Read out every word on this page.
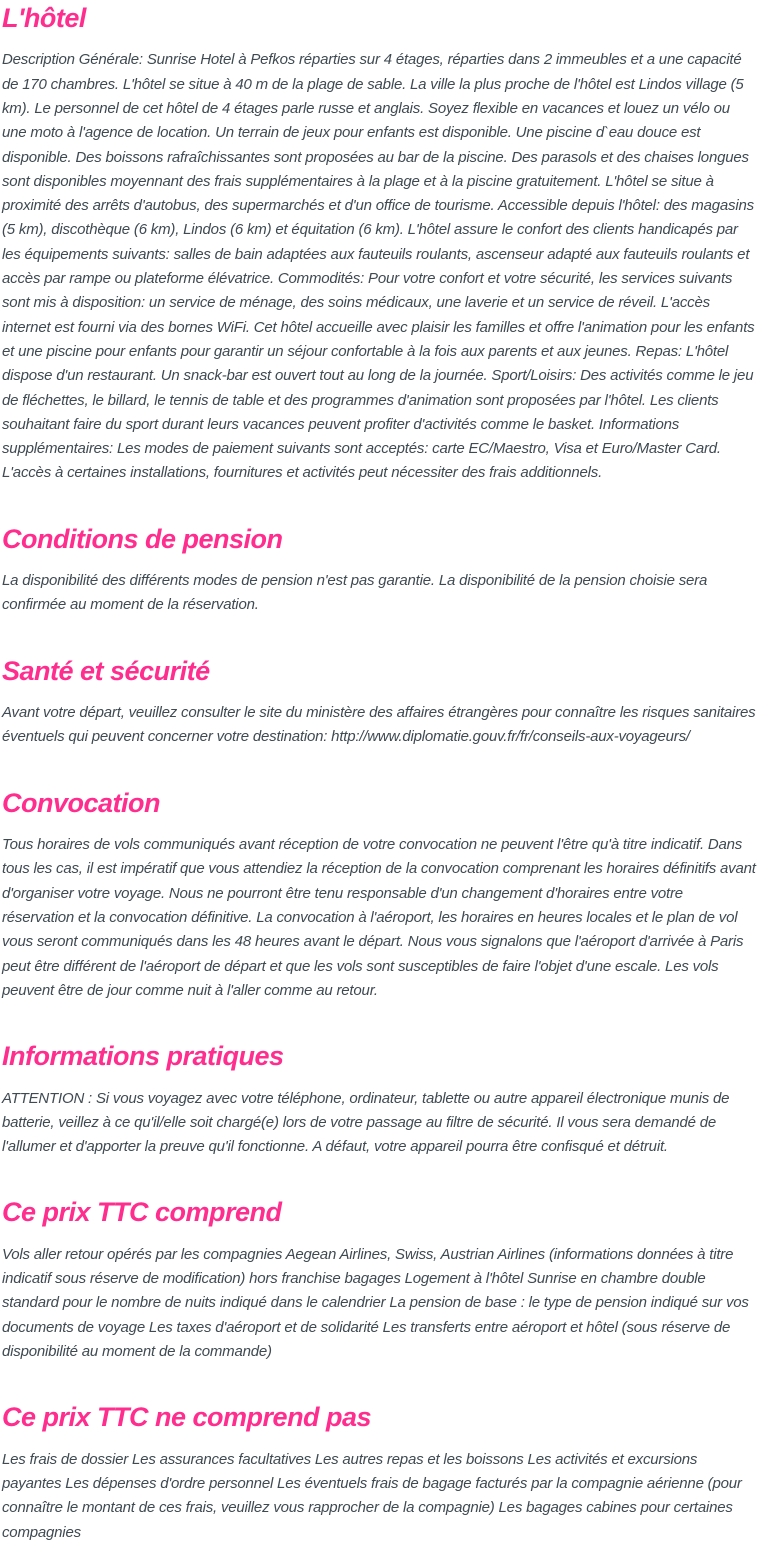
L'hôtel

Description Générale: Sunrise Hotel à Pefkos réparties sur 4 étages, réparties dans 2 immeubles et a une capacité de 170 chambres. L'hôtel se situe à 40 m de la plage de sable. La ville la plus proche de l'hôtel est Lindos village (5 km). Le personnel de cet hôtel de 4 étages parle russe et anglais. Soyez flexible en vacances et louez un vélo ou une moto à l'agence de location. Un terrain de jeux pour enfants est disponible. Une piscine d`eau douce est disponible. Des boissons rafraîchissantes sont proposées au bar de la piscine. Des parasols et des chaises longues sont disponibles moyennant des frais supplémentaires à la plage et à la piscine gratuitement. L'hôtel se situe à proximité des arrêts d'autobus, des supermarchés et d'un office de tourisme. Accessible depuis l'hôtel: des magasins (5 km), discothèque (6 km), Lindos (6 km) et équitation (6 km). L'hôtel assure le confort des clients handicapés par les équipements suivants: salles de bain adaptées aux fauteuils roulants, ascenseur adapté aux fauteuils roulants et accès par rampe ou plateforme élévatrice. Commodités: Pour votre confort et votre sécurité, les services suivants sont mis à disposition: un service de ménage, des soins médicaux, une laverie et un service de réveil. L'accès internet est fourni via des bornes WiFi. Cet hôtel accueille avec plaisir les familles et offre l'animation pour les enfants et une piscine pour enfants pour garantir un séjour confortable à la fois aux parents et aux jeunes. Repas: L'hôtel dispose d'un restaurant. Un snack-bar est ouvert tout au long de la journée. Sport/Loisirs: Des activités comme le jeu de fléchettes, le billard, le tennis de table et des programmes d'animation sont proposées par l'hôtel. Les clients souhaitant faire du sport durant leurs vacances peuvent profiter d'activités comme le basket. Informations supplémentaires: Les modes de paiement suivants sont acceptés: carte EC/Maestro, Visa et Euro/Master Card. L'accès à certaines installations, fournitures et activités peut nécessiter des frais additionnels.

Conditions de pension

La disponibilité des différents modes de pension n'est pas garantie. La disponibilité de la pension choisie sera confirmée au moment de la réservation.

Santé et sécurité

Avant votre départ, veuillez consulter le site du ministère des affaires étrangères pour connaître les risques sanitaires éventuels qui peuvent concerner votre destination: http://www.diplomatie.gouv.fr/fr/conseils-aux-voyageurs/

Convocation

Tous horaires de vols communiqués avant réception de votre convocation ne peuvent l'être qu'à titre indicatif. Dans tous les cas, il est impératif que vous attendiez la réception de la convocation comprenant les horaires définitifs avant d'organiser votre voyage. Nous ne pourront être tenu responsable d'un changement d'horaires entre votre réservation et la convocation définitive. La convocation à l'aéroport, les horaires en heures locales et le plan de vol vous seront communiqués dans les 48 heures avant le départ. Nous vous signalons que l'aéroport d'arrivée à Paris peut être différent de l'aéroport de départ et que les vols sont susceptibles de faire l'objet d'une escale. Les vols peuvent être de jour comme nuit à l'aller comme au retour.

Informations pratiques

ATTENTION : Si vous voyagez avec votre téléphone, ordinateur, tablette ou autre appareil électronique munis de batterie, veillez à ce qu'il/elle soit chargé(e) lors de votre passage au filtre de sécurité. Il vous sera demandé de l'allumer et d'apporter la preuve qu'il fonctionne. A défaut, votre appareil pourra être confisqué et détruit.

Ce prix TTC comprend

Vols aller retour opérés par les compagnies Aegean Airlines, Swiss, Austrian Airlines (informations données à titre indicatif sous réserve de modification) hors franchise bagages Logement à l'hôtel Sunrise en chambre double standard pour le nombre de nuits indiqué dans le calendrier La pension de base : le type de pension indiqué sur vos documents de voyage Les taxes d'aéroport et de solidarité Les transferts entre aéroport et hôtel (sous réserve de disponibilité au moment de la commande)

Ce prix TTC ne comprend pas

Les frais de dossier Les assurances facultatives Les autres repas et les boissons Les activités et excursions payantes Les dépenses d'ordre personnel Les éventuels frais de bagage facturés par la compagnie aérienne (pour connaître le montant de ces frais, veuillez vous rapprocher de la compagnie) Les bagages cabines pour certaines compagnies
